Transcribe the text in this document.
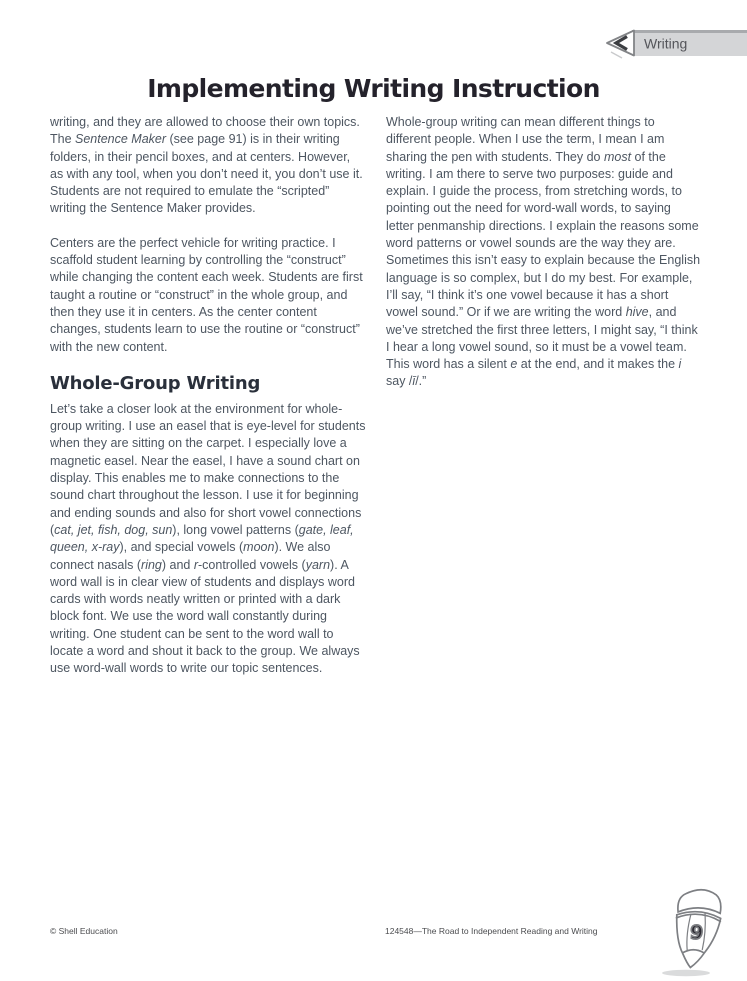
Writing
Implementing Writing Instruction

writing, and they are allowed to choose their own topics. The Sentence Maker (see page 91) is in their writing folders, in their pencil boxes, and at centers. However, as with any tool, when you don’t need it, you don’t use it. Students are not required to emulate the “scripted” writing the Sentence Maker provides.

Centers are the perfect vehicle for writing practice. I scaffold student learning by controlling the “construct” while changing the content each week. Students are first taught a routine or “construct” in the whole group, and then they use it in centers. As the center content changes, students learn to use the routine or “construct” with the new content.

Whole-Group Writing

Let’s take a closer look at the environment for whole-group writing. I use an easel that is eye-level for students when they are sitting on the carpet. I especially love a magnetic easel. Near the easel, I have a sound chart on display. This enables me to make connections to the sound chart throughout the lesson. I use it for beginning and ending sounds and also for short vowel connections (cat, jet, fish, dog, sun), long vowel patterns (gate, leaf, queen, x-ray), and special vowels (moon). We also connect nasals (ring) and r-controlled vowels (yarn). A word wall is in clear view of students and displays word cards with words neatly written or printed with a dark block font. We use the word wall constantly during writing. One student can be sent to the word wall to locate a word and shout it back to the group. We always use word-wall words to write our topic sentences.

Whole-group writing can mean different things to different people. When I use the term, I mean I am sharing the pen with students. They do most of the writing. I am there to serve two purposes: guide and explain. I guide the process, from stretching words, to pointing out the need for word-wall words, to saying letter penmanship directions. I explain the reasons some word patterns or vowel sounds are the way they are. Sometimes this isn’t easy to explain because the English language is so complex, but I do my best. For example, I’ll say, “I think it’s one vowel because it has a short vowel sound.” Or if we are writing the word hive, and we’ve stretched the first three letters, I might say, “I think I hear a long vowel sound, so it must be a vowel team. This word has a silent e at the end, and it makes the i say /ī/.”

© Shell Education	124548—The Road to Independent Reading and Writing	9
